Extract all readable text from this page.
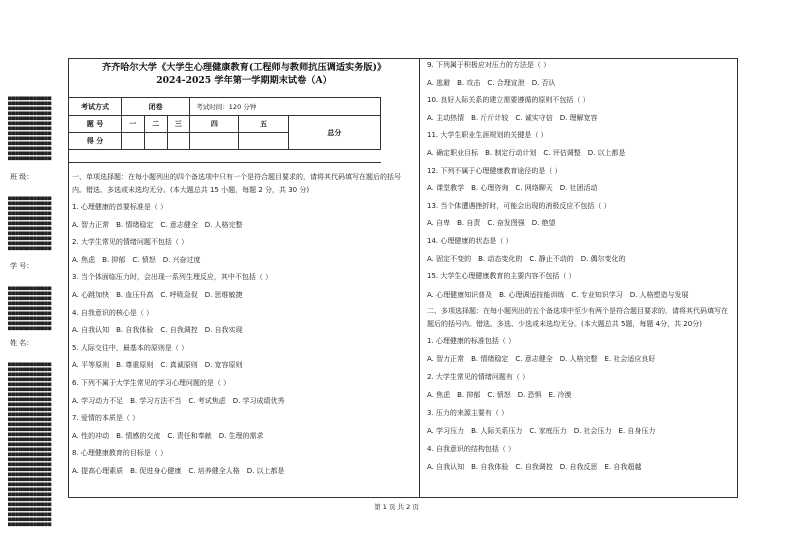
■■■■■■■■■■■■
■■■■■■■■■■■■
■■■■■■■■■■■■
■■■■■■■■■■■■
■■■■■■■■■■■■
■■■■■■■■■■■■
■■■■■■■■■■■■
■■■■■■■■■■■■
■■■■■■■■■■■■
■■■■■■■■■■■■
■■■■■■■■■■■■
■■■■■■■■■■■■
■■■■■■■■■■■■
班 级：
■■■■■■■■■■■■
■■■■■■■■■■■■
■■■■■■■■■■■■
■■■■■■■■■■■■
■■■■■■■■■■■■
■■■■■■■■■■■■
■■■■■■■■■■■■
■■■■■■■■■■■■
■■■■■■■■■■■■
■■■■■■■■■■■■
■■■■■■■■■■■■
学 号：
■■■■■■■■■■■■
■■■■■■■■■■■■
■■■■■■■■■■■■
■■■■■■■■■■■■
■■■■■■■■■■■■
■■■■■■■■■■■■
■■■■■■■■■■■■
■■■■■■■■■■■■
■■■■■■■■■■■■
姓 名：
■■■■■■■■■■■■
■■■■■■■■■■■■
■■■■■■■■■■■■
■■■■■■■■■■■■
■■■■■■■■■■■■
■■■■■■■■■■■■
■■■■■■■■■■■■
■■■■■■■■■■■■
■■■■■■■■■■■■
■■■■■■■■■■■■
■■■■■■■■■■■■
■■■■■■■■■■■■
■■■■■■■■■■■■
■■■■■■■■■■■■
■■■■■■■■■■■■
■■■■■■■■■■■■
■■■■■■■■■■■■
■■■■■■■■■■■■
■■■■■■■■■■■■
■■■■■■■■■■■■
■■■■■■■■■■■■
■■■■■■■■■■■■
■■■■■■■■■■■■
■■■■■■■■■■■■
■■■■■■■■■■■■
■■■■■■■■■■■■
■■■■■■■■■■■■
■■■■■■■■■■■■
■■■■■■■■■■■■
■■■■■■■■■■■■
■■■■■■■■■■■■
■■■■■■■■■■■■
■■■■■■■■■■■■
齐齐哈尔大学《大学生心理健康教育(工程师与教师抗压调适实务版)》
2024-2025 学年第一学期期末试卷（A）
考试方式	闭卷			考试时间：120 分钟		
题 号	一	二	三	四	五	总分
得 分						
一、单项选择题：在每小题列出的四个备选项中只有一个是符合题目要求的，请将其代码填写在题后的括号内。错选、多选或未选均无分。(本大题总共 15 小题，每题 2 分，共 30 分)
1. 心理健康的首要标准是（ ）
A. 智力正常　B. 情绪稳定　C. 意志健全　D. 人格完整
2. 大学生常见的情绪问题不包括（ ）
A. 焦虑　B. 抑郁　C. 愤怒　D. 兴奋过度
3. 当个体面临压力时，会出现一系列生理反应，其中不包括（ ）
A. 心跳加快　B. 血压升高　C. 呼吸急促　D. 思维敏捷
4. 自我意识的核心是（ ）
A. 自我认知　B. 自我体验　C. 自我调控　D. 自我实现
5. 人际交往中，最基本的原则是（ ）
A. 平等原则　B. 尊重原则　C. 真诚原则　D. 宽容原则
6. 下列不属于大学生常见的学习心理问题的是（ ）
A. 学习动力不足　B. 学习方法不当　C. 考试焦虑　D. 学习成绩优秀
7. 爱情的本质是（ ）
A. 性的冲动　B. 情感的交流　C. 责任和奉献　D. 生理的需求
8. 心理健康教育的目标是（ ）
A. 提高心理素质　B. 促进身心健康　C. 培养健全人格　D. 以上都是
9. 下列属于积极应对压力的方法是（ ）
A. 逃避　B. 攻击　C. 合理宣泄　D. 否认
10. 良好人际关系的建立需要遵循的原则不包括（ ）
A. 主动热情　B. 斤斤计较　C. 诚实守信　D. 理解宽容
11. 大学生职业生涯规划的关键是（ ）
A. 确定职业目标　B. 制定行动计划　C. 评估调整　D. 以上都是
12. 下列不属于心理健康教育途径的是（ ）
A. 课堂教学　B. 心理咨询　C. 网络聊天　D. 社团活动
13. 当个体遭遇挫折时，可能会出现的消极反应不包括（ ）
A. 自卑　B. 自责　C. 奋发图强　D. 绝望
14. 心理健康的状态是（ ）
A. 固定不变的　B. 动态变化的　C. 静止不动的　D. 偶尔变化的
15. 大学生心理健康教育的主要内容不包括（ ）
A. 心理健康知识普及　B. 心理调适技能训练　C. 专业知识学习　D. 人格塑造与发展
二、多项选择题：在每小题列出的五个备选项中至少有两个是符合题目要求的，请将其代码填写在题后的括号内。错选、多选、少选或未选均无分。(本大题总共 5题，每题 4分，共 20分)
1. 心理健康的标准包括（ ）
A. 智力正常　B. 情绪稳定　C. 意志健全　D. 人格完整　E. 社会适应良好
2. 大学生常见的情绪问题有（ ）
A. 焦虑　B. 抑郁　C. 愤怒　D. 恐惧　E. 冷漠
3. 压力的来源主要有（ ）
A. 学习压力　B. 人际关系压力　C. 家庭压力　D. 社会压力　E. 自身压力
4. 自我意识的结构包括（ ）
A. 自我认知　B. 自我体验　C. 自我调控　D. 自我反思　E. 自我超越
第 1 页 共 2 页
